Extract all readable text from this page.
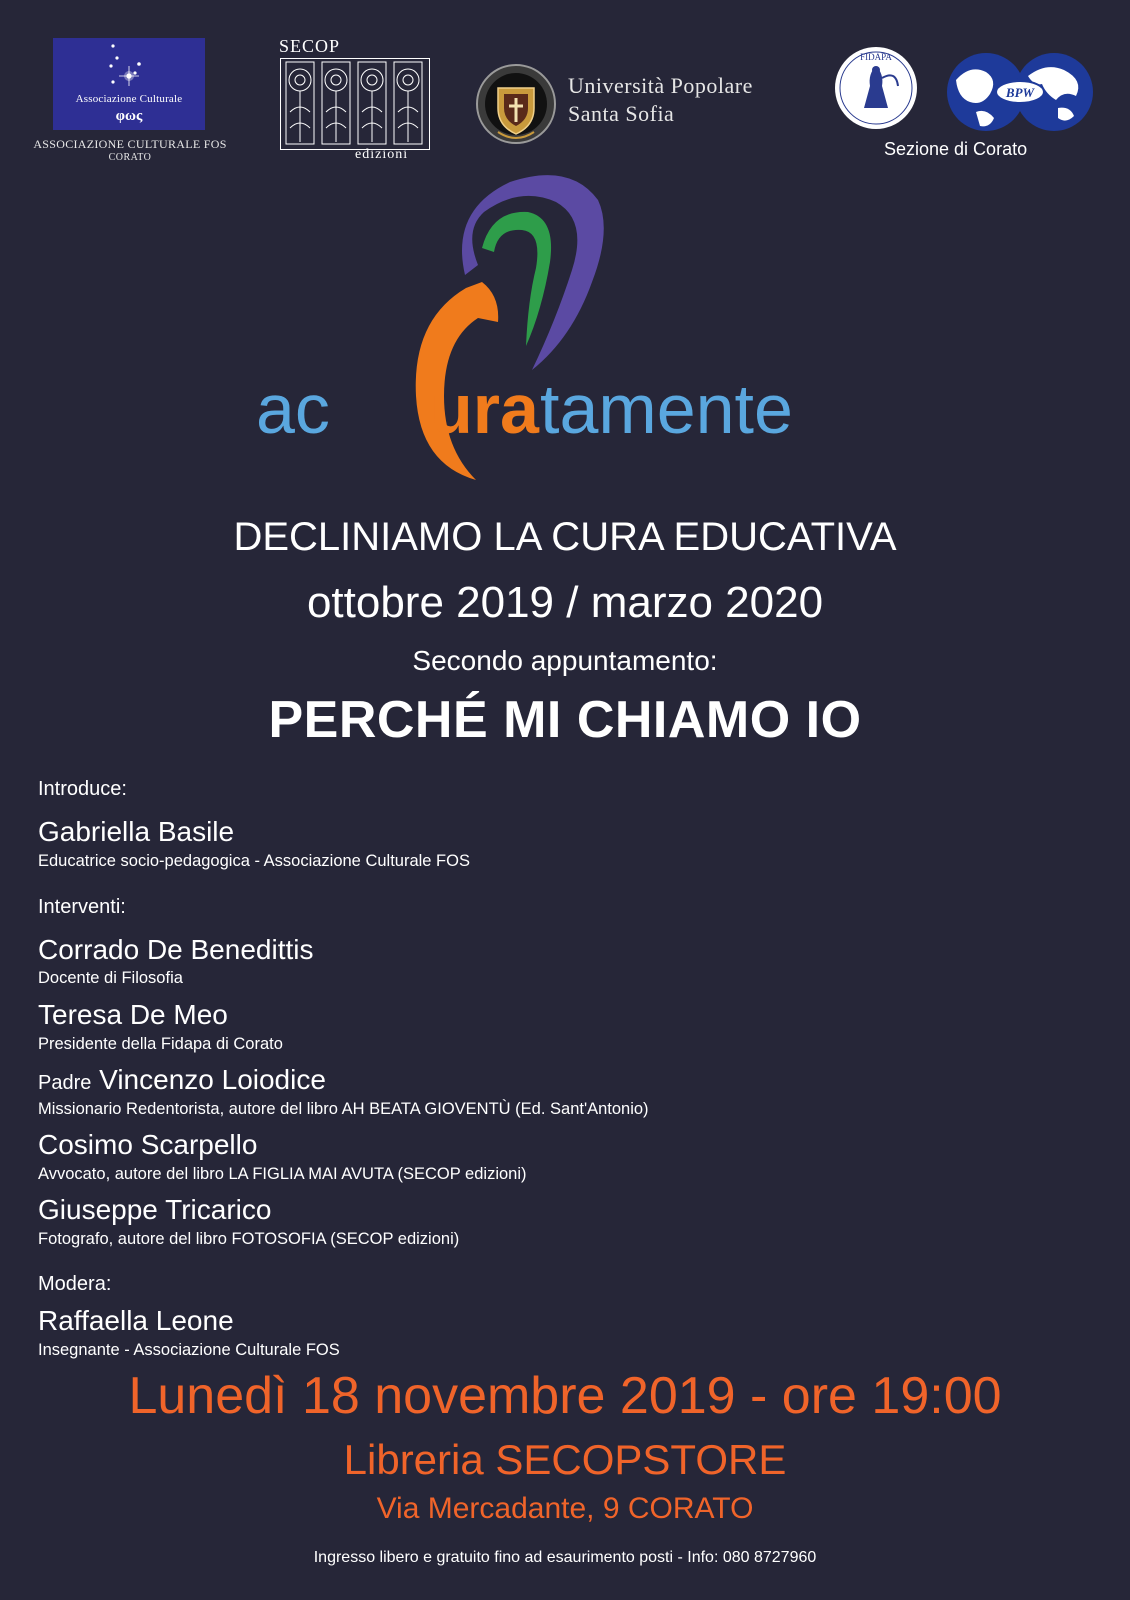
Associazione Culturale
φως
ASSOCIAZIONE CULTURALE FOS
CORATO
SECOP
edizioni
Università Popolare
Santa Sofia
FIDAPA
BPW
Sezione di Corato
ac ura tamente
DECLINIAMO LA CURA EDUCATIVA
ottobre 2019 / marzo 2020
Secondo appuntamento:
PERCHÉ MI CHIAMO IO
Introduce:
Gabriella Basile
Educatrice socio-pedagogica - Associazione Culturale FOS
Interventi:
Corrado De Benedittis
Docente di Filosofia
Teresa De Meo
Presidente della Fidapa di Corato
Padre Vincenzo Loiodice
Missionario Redentorista, autore del libro AH BEATA GIOVENTÙ (Ed. Sant'Antonio)
Cosimo Scarpello
Avvocato, autore del libro LA FIGLIA MAI AVUTA (SECOP edizioni)
Giuseppe Tricarico
Fotografo, autore del libro FOTOSOFIA (SECOP edizioni)
Modera:
Raffaella Leone
Insegnante - Associazione Culturale FOS
Lunedì 18 novembre 2019 - ore 19:00
Libreria SECOPSTORE
Via Mercadante, 9 CORATO
Ingresso libero e gratuito fino ad esaurimento posti - Info: 080 8727960
